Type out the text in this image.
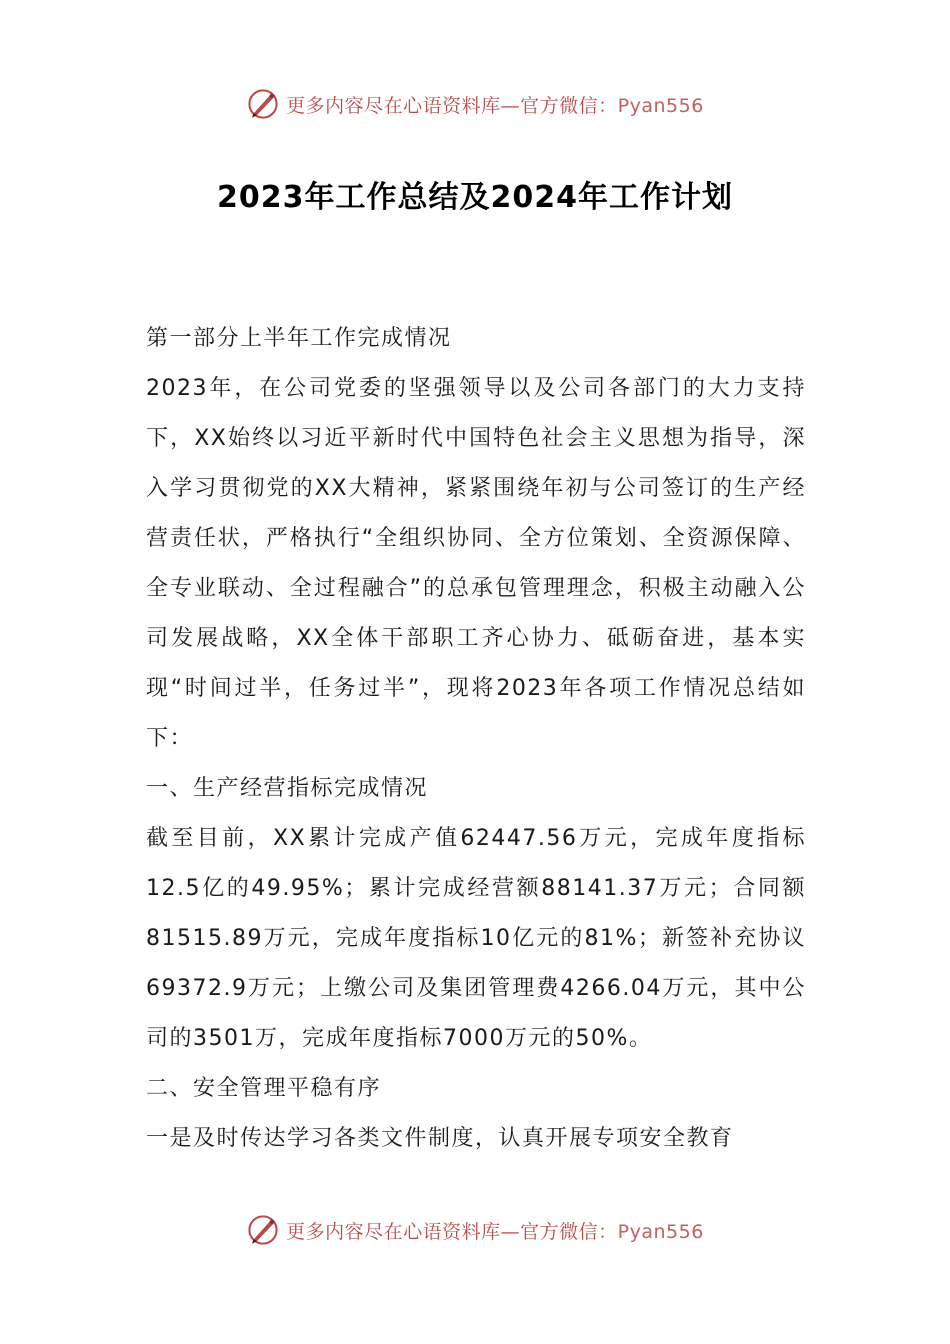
更多内容尽在心语资料库—官方微信：Pyan556
2023年工作总结及2024年工作计划

第一部分上半年工作完成情况

2023年，在公司党委的坚强领导以及公司各部门的大力支持下，XX始终以习近平新时代中国特色社会主义思想为指导，深入学习贯彻党的XX大精神，紧紧围绕年初与公司签订的生产经营责任状，严格执行“全组织协同、全方位策划、全资源保障、全专业联动、全过程融合”的总承包管理理念，积极主动融入公司发展战略，XX全体干部职工齐心协力、砥砺奋进，基本实现“时间过半，任务过半”，现将2023年各项工作情况总结如下：

一、生产经营指标完成情况

截至目前，XX累计完成产值62447.56万元，完成年度指标12.5亿的49.95%；累计完成经营额88141.37万元；合同额81515.89万元，完成年度指标10亿元的81%；新签补充协议69372.9万元；上缴公司及集团管理费4266.04万元，其中公司的3501万，完成年度指标7000万元的50%。

二、安全管理平稳有序

一是及时传达学习各类文件制度，认真开展专项安全教育

更多内容尽在心语资料库—官方微信：Pyan556
